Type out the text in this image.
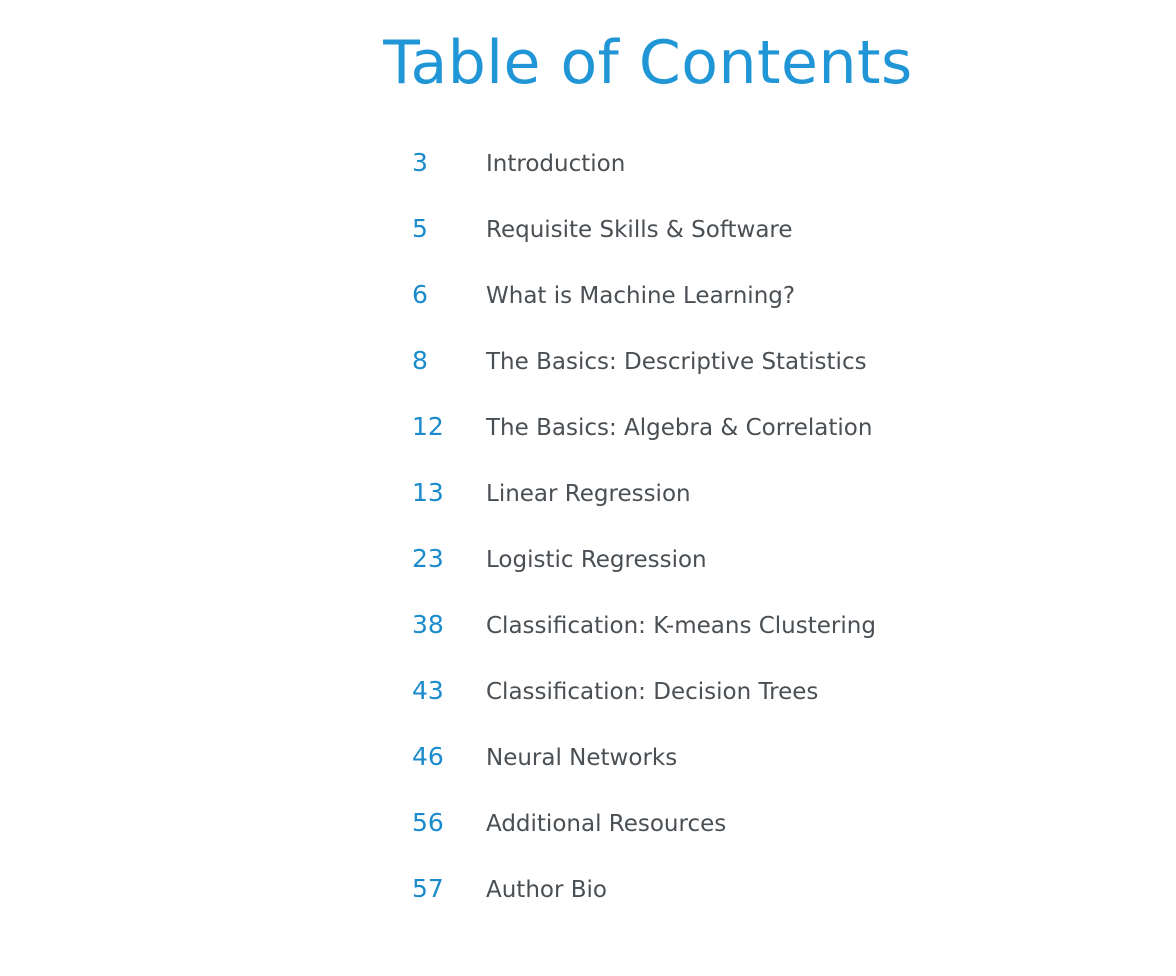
Table of Contents
3	Introduction
5	Requisite Skills & Software
6	What is Machine Learning?
8	The Basics: Descriptive Statistics
12	The Basics: Algebra & Correlation
13	Linear Regression
23	Logistic Regression
38	Classification: K-means Clustering
43	Classification: Decision Trees
46	Neural Networks
56	Additional Resources
57	Author Bio
